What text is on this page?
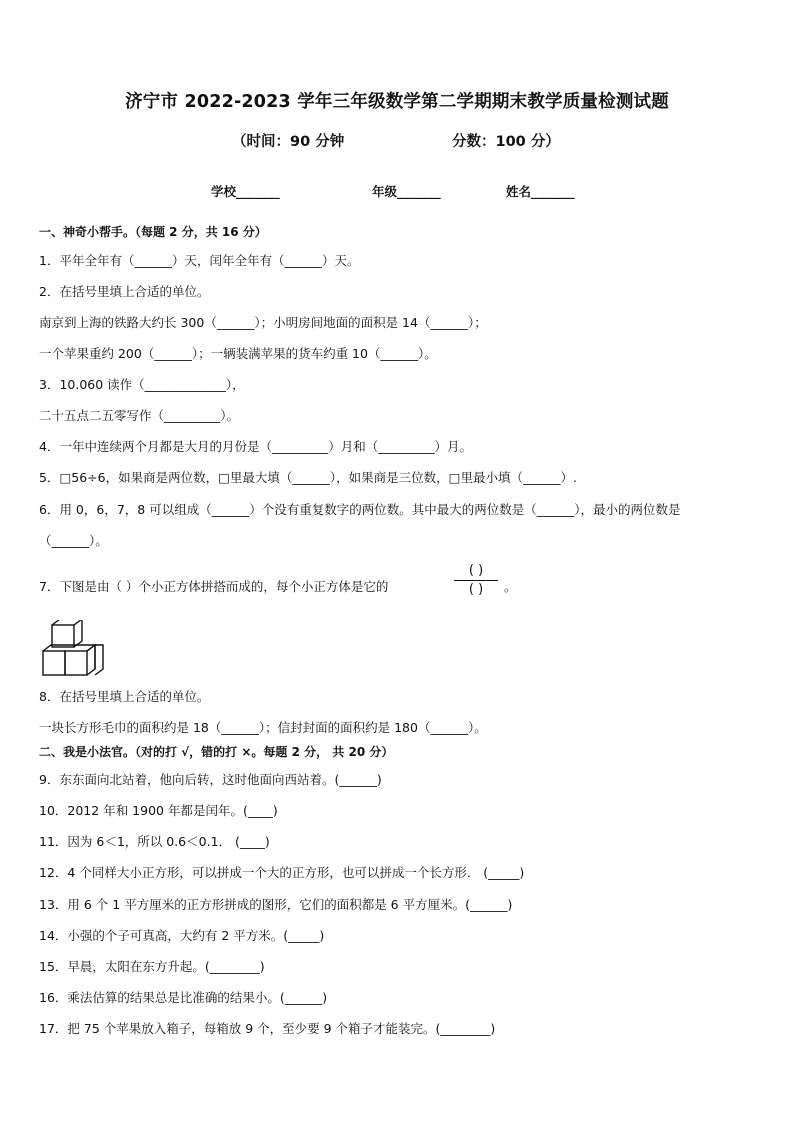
济宁市 2022-2023 学年三年级数学第二学期期末教学质量检测试题
（时间：90 分钟	分数：100 分）
学校_______	年级_______	姓名_______
一、神奇小帮手。（每题 2 分，共 16 分）
1．平年全年有（______）天，闰年全年有（______）天。
2．在括号里填上合适的单位。
南京到上海的铁路大约长 300（______）；小明房间地面的面积是 14（______）；
一个苹果重约 200（______）；一辆装满苹果的货车约重 10（______）。
3．10.060 读作（_____________），
二十五点二五零写作（_________）。
4．一年中连续两个月都是大月的月份是（_________）月和（_________）月。
5．□56÷6，如果商是两位数，□里最大填（______），如果商是三位数，□里最小填（______）.
6．用 0，6，7，8 可以组成（______）个没有重复数字的两位数。其中最大的两位数是（______），最小的两位数是
（______）。
7．下图是由（ ）个小正方体拼搭而成的，每个小正方体是它的
( )
( )	。
8．在括号里填上合适的单位。
一块长方形毛巾的面积约是 18（______）；信封封面的面积约是 180（______）。
二、我是小法官。（对的打 √，错的打 ×。每题 2 分， 共 20 分）
9．东东面向北站着，他向后转，这时他面向西站着。(______)
10．2012 年和 1900 年都是闰年。(____)
11．因为 6＜1，所以 0.6＜0.1． (____)
12．4 个同样大小正方形，可以拼成一个大的正方形，也可以拼成一个长方形． (_____)
13．用 6 个 1 平方厘米的正方形拼成的图形，它们的面积都是 6 平方厘米。(______)
14．小强的个子可真高，大约有 2 平方米。(_____)
15．早晨，太阳在东方升起。(________)
16．乘法估算的结果总是比准确的结果小。(______)
17．把 75 个苹果放入箱子，每箱放 9 个，至少要 9 个箱子才能装完。(________)
